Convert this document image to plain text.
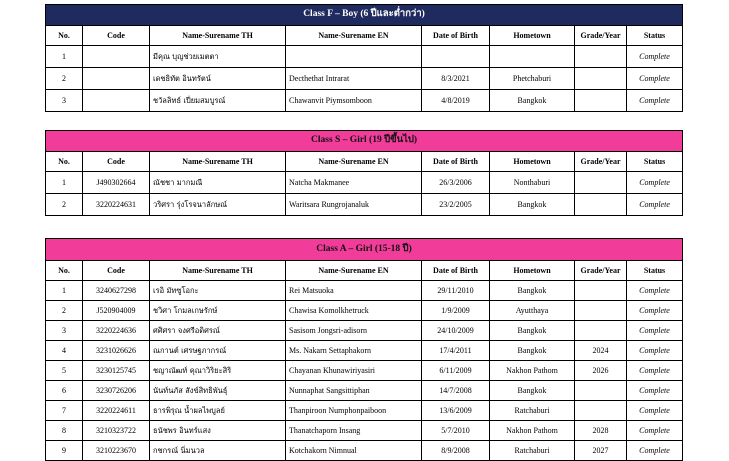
Class F – Boy (6 ปีและต่ำกว่า)							
No.	Code	Name-Surename TH	Name-Surename EN	Date of Birth	Hometown	Grade/Year	Status
1		มีคุณ บุญช่วยเมตตา					Complete
2		เดชธิทัต อินทรัตน์	Decthethat Intrarat	8/3/2021	Phetchaburi		Complete
3		ชวัลลิทธ์ เปี่ยมสมบูรณ์	Chawanvit Piymsomboon	4/8/2019	Bangkok		Complete
Class S – Girl (19 ปีขึ้นไป)							
No.	Code	Name-Surename TH	Name-Surename EN	Date of Birth	Hometown	Grade/Year	Status
1	J490302664	ณัชชา มากมณี	Natcha Makmanee	26/3/2006	Nonthaburi		Complete
2	3220224631	วริศรา รุ่งโรจนาลักษณ์	Waritsara Rungrojanaluk	23/2/2005	Bangkok		Complete
Class A – Girl (15-18 ปี)							
No.	Code	Name-Surename TH	Name-Surename EN	Date of Birth	Hometown	Grade/Year	Status
1	3240627298	เรอิ มัทซูโอกะ	Rei Matsuoka	29/11/2010	Bangkok		Complete
2	J520904009	ชวิศา โกมลเกษรักษ์	Chawisa Komolkhetruck	1/9/2009	Ayutthaya		Complete
3	3220224636	ศศิศรา จงศรีอดิศรณ์	Sasisom Jongsri-adisorn	24/10/2009	Bangkok		Complete
4	3231026626	ณกานต์ เศรษฐภากรณ์	Ms. Nakarn Settaphakorn	17/4/2011	Bangkok	2024	Complete
5	3230125745	ชญาณัฒท์ คุณาวิริยะสิริ	Chayanan Khunawiriyasiri	6/11/2009	Nakhon Pathom	2026	Complete
6	3230726206	นันท์นภัส สังข์สิทธิพันธุ์	Nunnaphat Sangsittiphan	14/7/2008	Bangkok		Complete
7	3220224611	ธารพิรุณ น้ำผลไพบูลย์	Thanpiroon Numphonpaiboon	13/6/2009	Ratchaburi		Complete
8	3210323722	ธนัชพร อินทร์แสง	Thanatchaporn Insang	5/7/2010	Nakhon Pathom	2028	Complete
9	3210223670	กชกรณ์ นิ่มนวล	Kotchakorn Nimnual	8/9/2008	Ratchaburi	2027	Complete
